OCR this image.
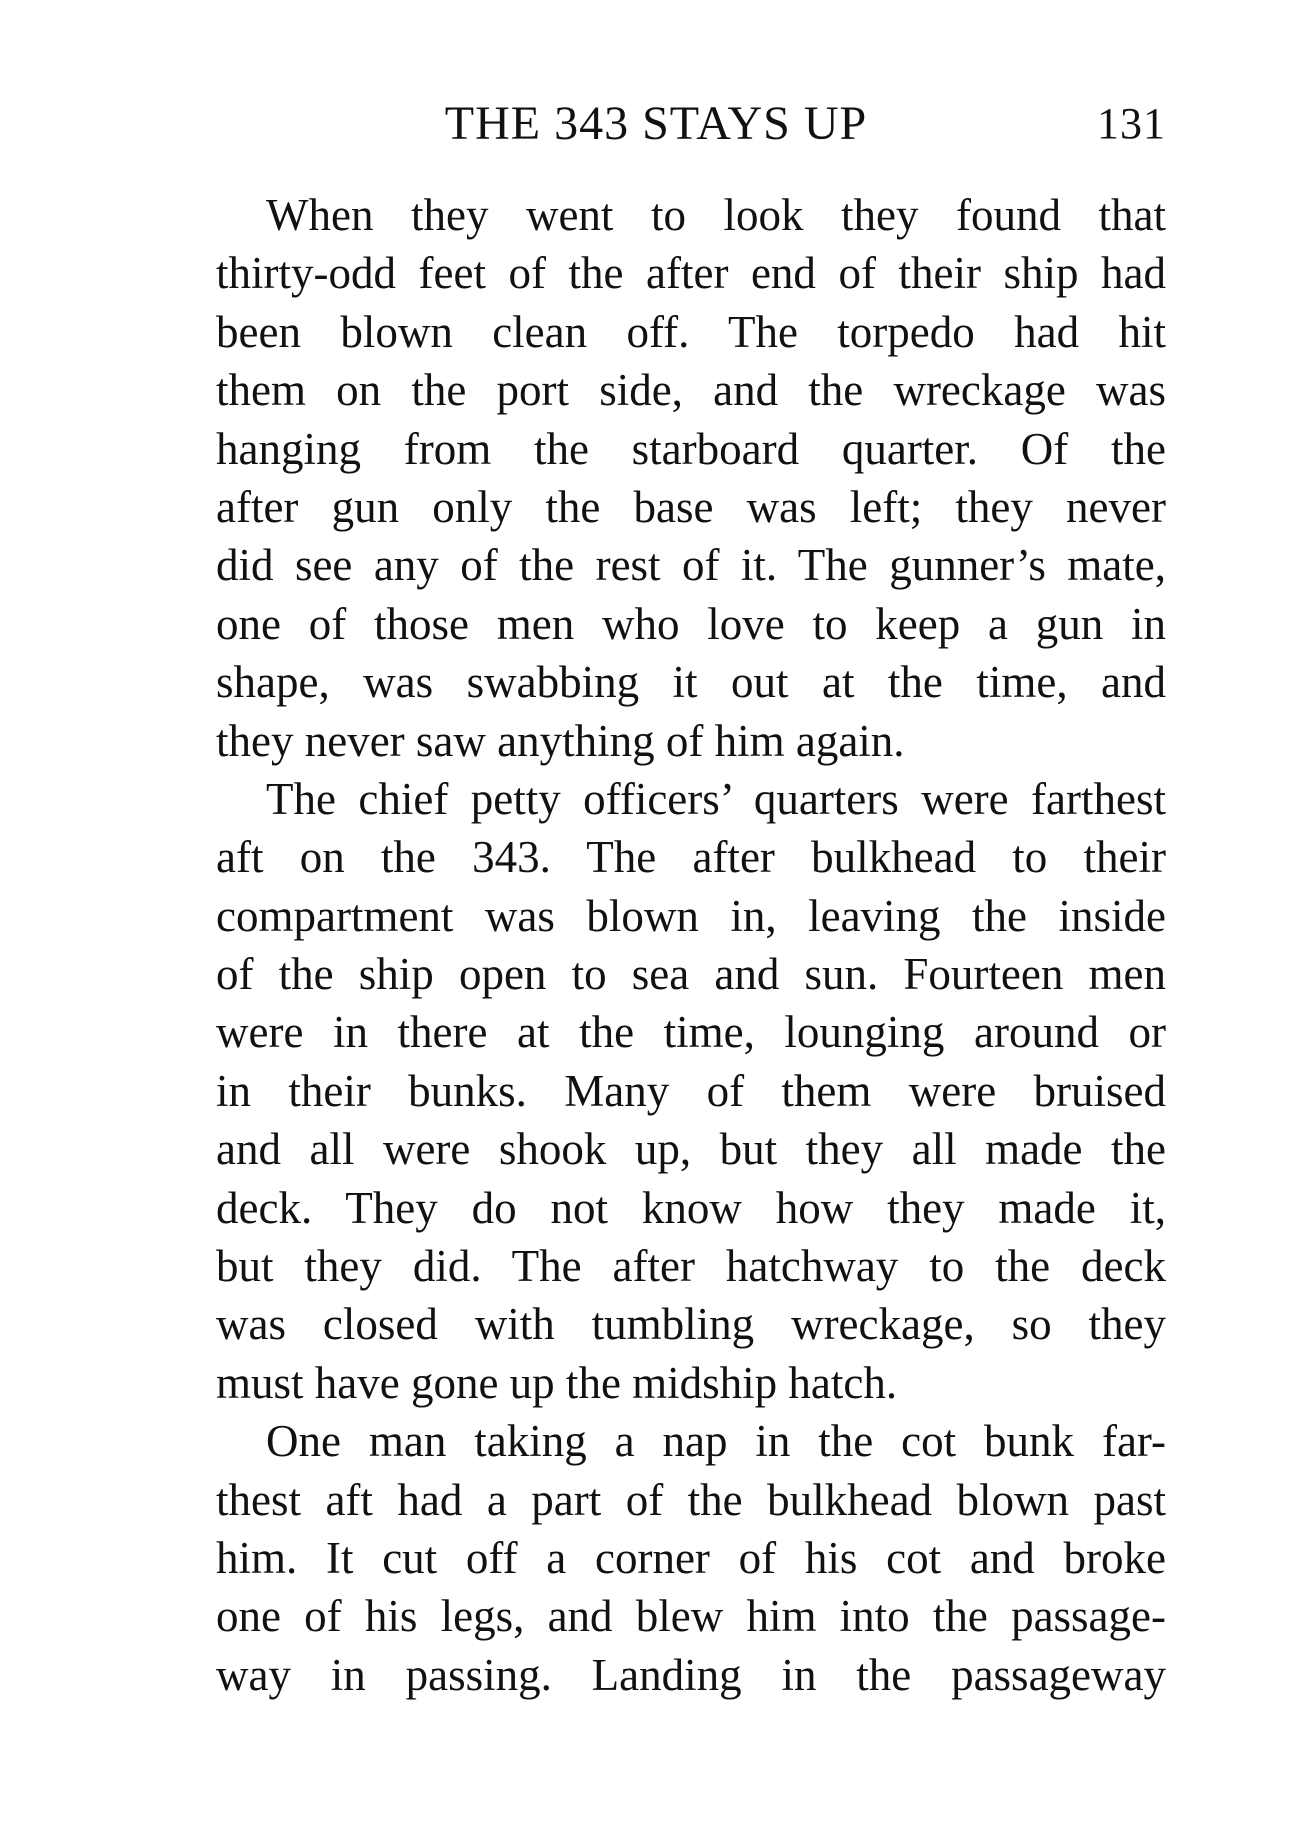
THE 343 STAYS UP	131

When they went to look they found that
thirty-odd feet of the after end of their ship had
been blown clean off. The torpedo had hit
them on the port side, and the wreckage was
hanging from the starboard quarter. Of the
after gun only the base was left; they never
did see any of the rest of it. The gunner’s mate,
one of those men who love to keep a gun in
shape, was swabbing it out at the time, and
they never saw anything of him again.

The chief petty officers’ quarters were farthest
aft on the 343. The after bulkhead to their
compartment was blown in, leaving the inside
of the ship open to sea and sun. Fourteen men
were in there at the time, lounging around or
in their bunks. Many of them were bruised
and all were shook up, but they all made the
deck. They do not know how they made it,
but they did. The after hatchway to the deck
was closed with tumbling wreckage, so they
must have gone up the midship hatch.

One man taking a nap in the cot bunk far-
thest aft had a part of the bulkhead blown past
him. It cut off a corner of his cot and broke
one of his legs, and blew him into the passage-
way in passing. Landing in the passageway
